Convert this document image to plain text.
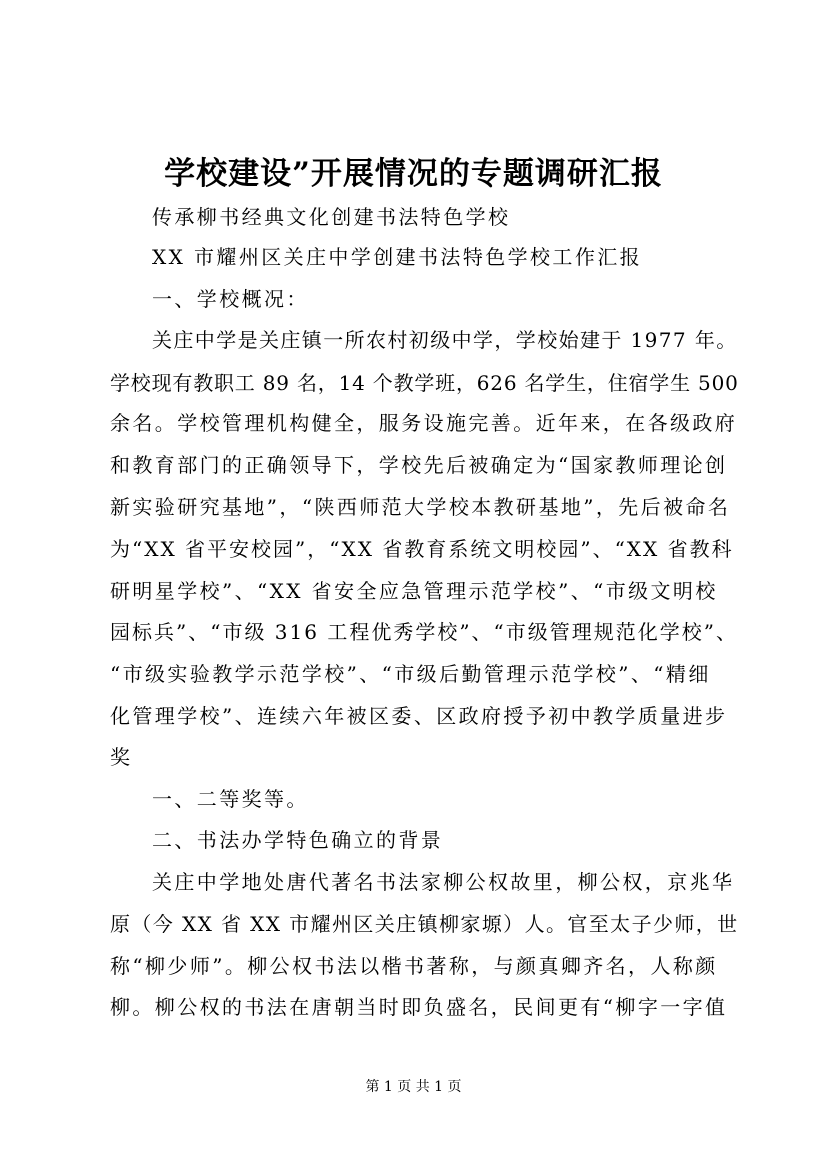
学校建设”开展情况的专题调研汇报
传承柳书经典文化创建书法特色学校
XX 市耀州区关庄中学创建书法特色学校工作汇报
一、学校概况：
关庄中学是关庄镇一所农村初级中学，学校始建于 1977 年。
学校现有教职工 89 名，14 个教学班，626 名学生，住宿学生 500
余名。学校管理机构健全，服务设施完善。近年来，在各级政府
和教育部门的正确领导下，学校先后被确定为“国家教师理论创
新实验研究基地”，“陕西师范大学校本教研基地”，先后被命名
为“XX 省平安校园”，“XX 省教育系统文明校园”、“XX 省教科
研明星学校”、“XX 省安全应急管理示范学校”、“市级文明校
园标兵”、“市级 316 工程优秀学校”、“市级管理规范化学校”、
“市级实验教学示范学校”、“市级后勤管理示范学校”、“精细
化管理学校”、连续六年被区委、区政府授予初中教学质量进步
奖
一、二等奖等。
二、书法办学特色确立的背景
关庄中学地处唐代著名书法家柳公权故里，柳公权，京兆华
原（今 XX 省 XX 市耀州区关庄镇柳家塬）人。官至太子少师，世
称“柳少师”。柳公权书法以楷书著称，与颜真卿齐名，人称颜
柳。柳公权的书法在唐朝当时即负盛名，民间更有“柳字一字值
第 1 页 共 1 页
